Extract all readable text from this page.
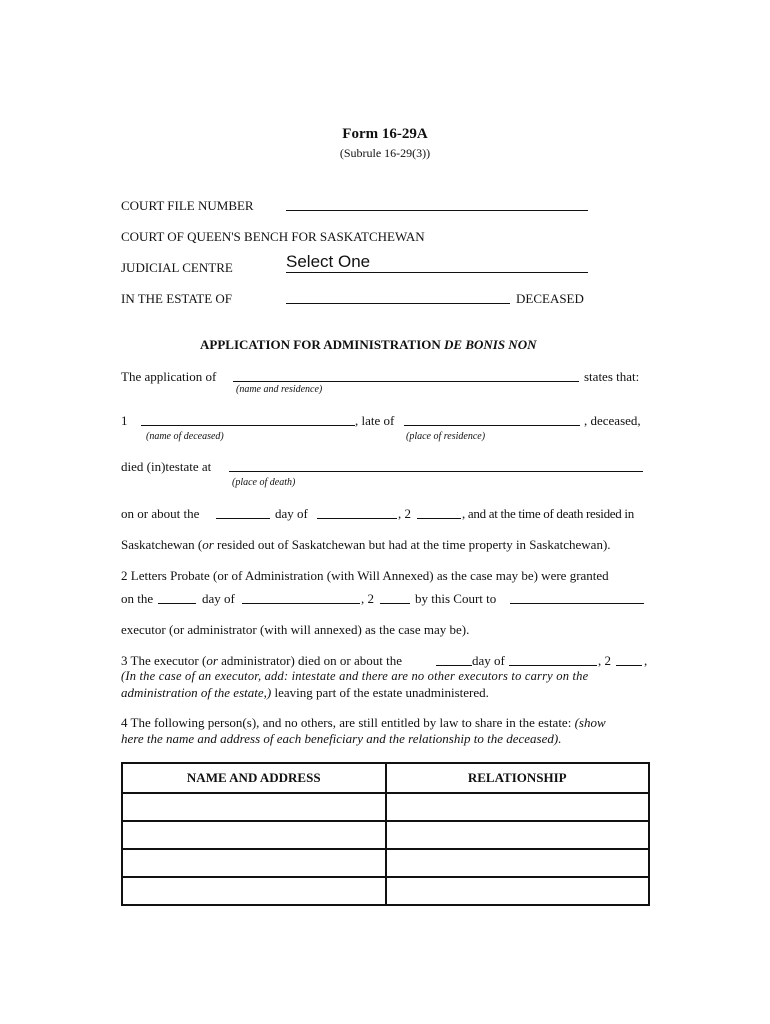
Form 16-29A
(Subrule 16-29(3))
COURT FILE NUMBER
COURT OF QUEEN'S BENCH FOR SASKATCHEWAN
JUDICIAL CENTRE	Select One
IN THE ESTATE OF	DECEASED
APPLICATION FOR ADMINISTRATION DE BONIS NON
The application of	states that:
(name and residence)
1	, late of	, deceased,
(name of deceased)	(place of residence)
died (in)testate at
(place of death)
on or about the	day of	, 2	, and at the time of death resided in
Saskatchewan (or resided out of Saskatchewan but had at the time property in Saskatchewan).
2 Letters Probate (or of Administration (with Will Annexed) as the case may be) were granted
on the	day of	, 2	by this Court to
executor (or administrator (with will annexed) as the case may be).
3 The executor (or administrator) died on or about the	day of	, 2	,
(In the case of an executor, add: intestate and there are no other executors to carry on the
administration of the estate,) leaving part of the estate unadministered.
4 The following person(s), and no others, are still entitled by law to share in the estate: (show
here the name and address of each beneficiary and the relationship to the deceased).
NAME AND ADDRESS	RELATIONSHIP
